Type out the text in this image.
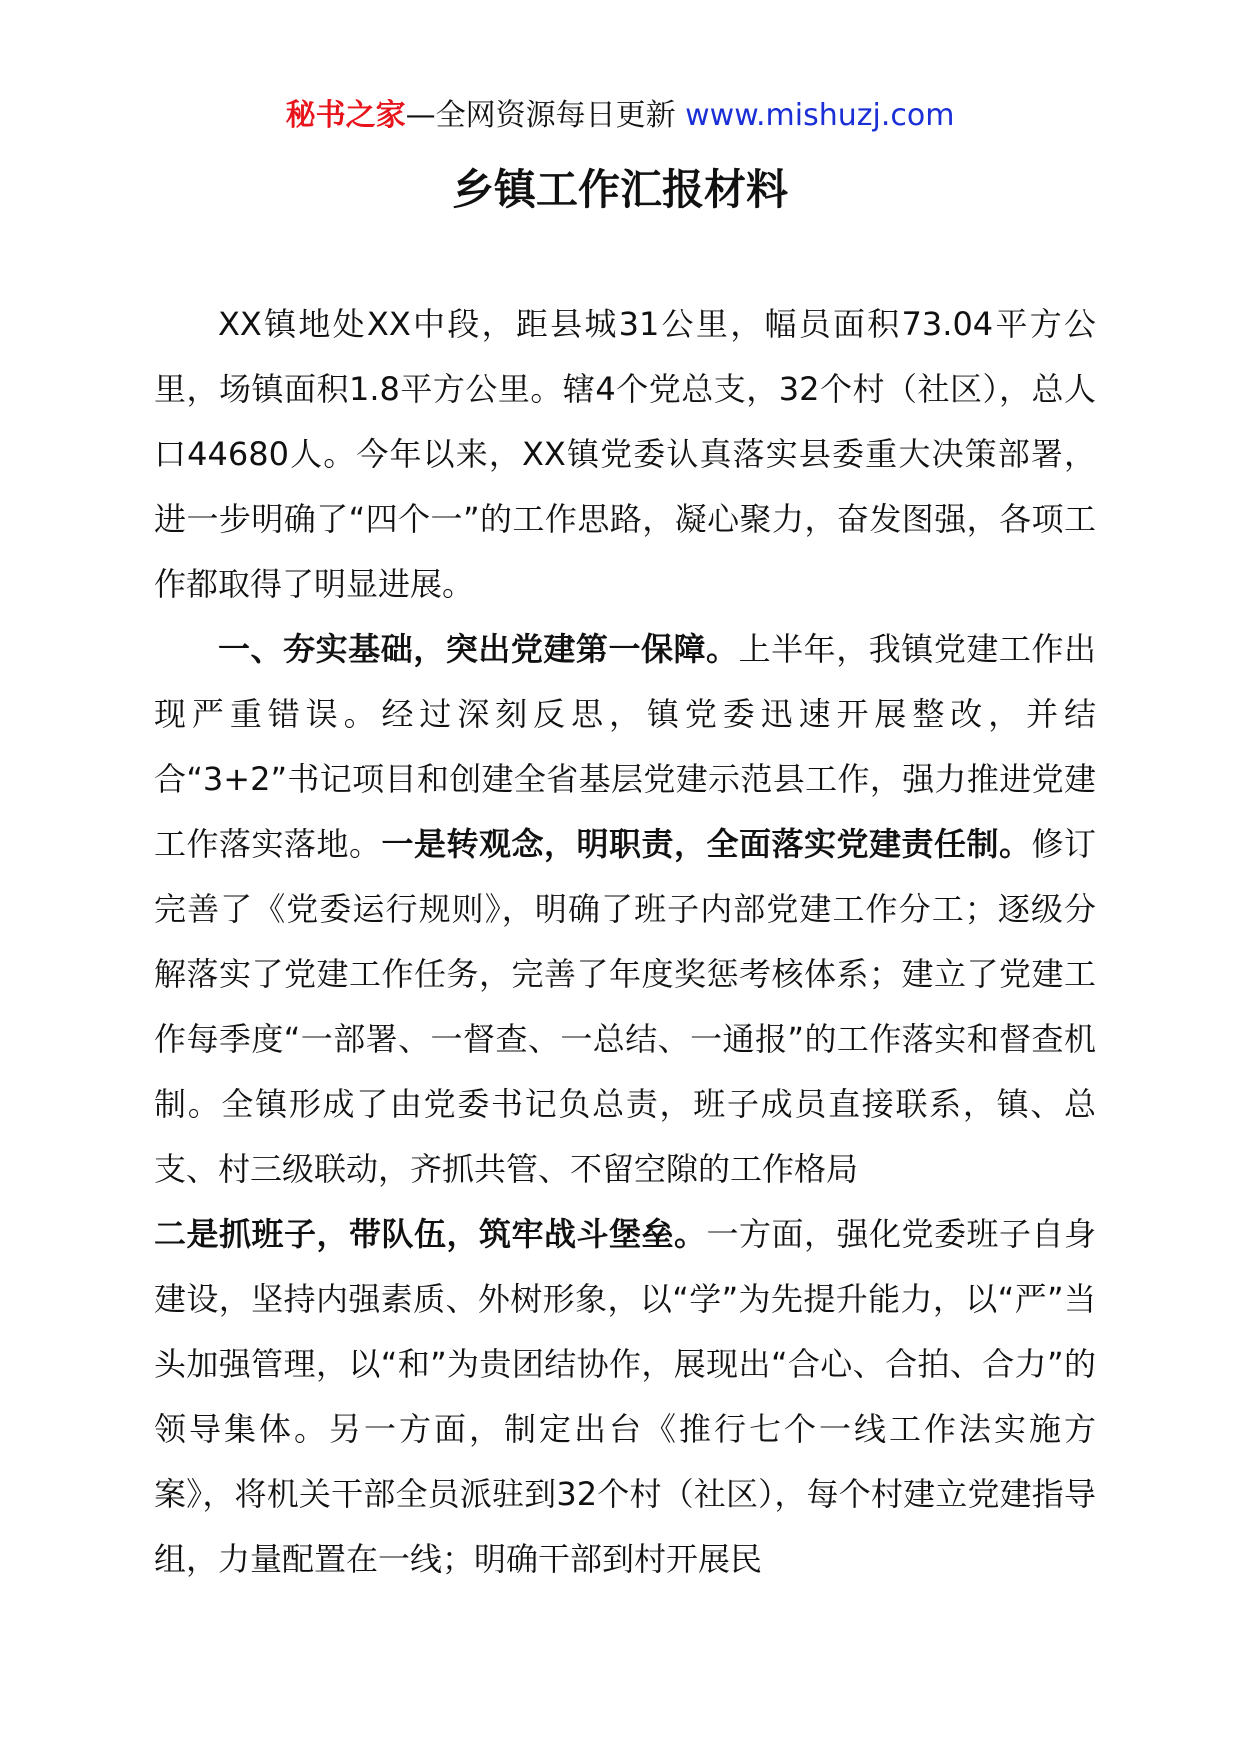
秘书之家—全网资源每日更新 www.mishuzj.com
乡镇工作汇报材料

XX镇地处XX中段，距县城31公里，幅员面积73.04平方公里，场镇面积1.8平方公里。辖4个党总支，32个村（社区），总人口44680人。今年以来，XX镇党委认真落实县委重大决策部署，进一步明确了“四个一”的工作思路，凝心聚力，奋发图强，各项工作都取得了明显进展。

一、夯实基础，突出党建第一保障。上半年，我镇党建工作出现严重错误。经过深刻反思，镇党委迅速开展整改，并结合“3+2”书记项目和创建全省基层党建示范县工作，强力推进党建工作落实落地。一是转观念，明职责，全面落实党建责任制。修订完善了《党委运行规则》，明确了班子内部党建工作分工；逐级分解落实了党建工作任务，完善了年度奖惩考核体系；建立了党建工作每季度“一部署、一督查、一总结、一通报”的工作落实和督查机制。全镇形成了由党委书记负总责，班子成员直接联系，镇、总支、村三级联动，齐抓共管、不留空隙的工作格局

二是抓班子，带队伍，筑牢战斗堡垒。一方面，强化党委班子自身建设，坚持内强素质、外树形象，以“学”为先提升能力，以“严”当头加强管理，以“和”为贵团结协作，展现出“合心、合拍、合力”的领导集体。另一方面，制定出台《推行七个一线工作法实施方案》，将机关干部全员派驻到32个村（社区），每个村建立党建指导组，力量配置在一线；明确干部到村开展民
